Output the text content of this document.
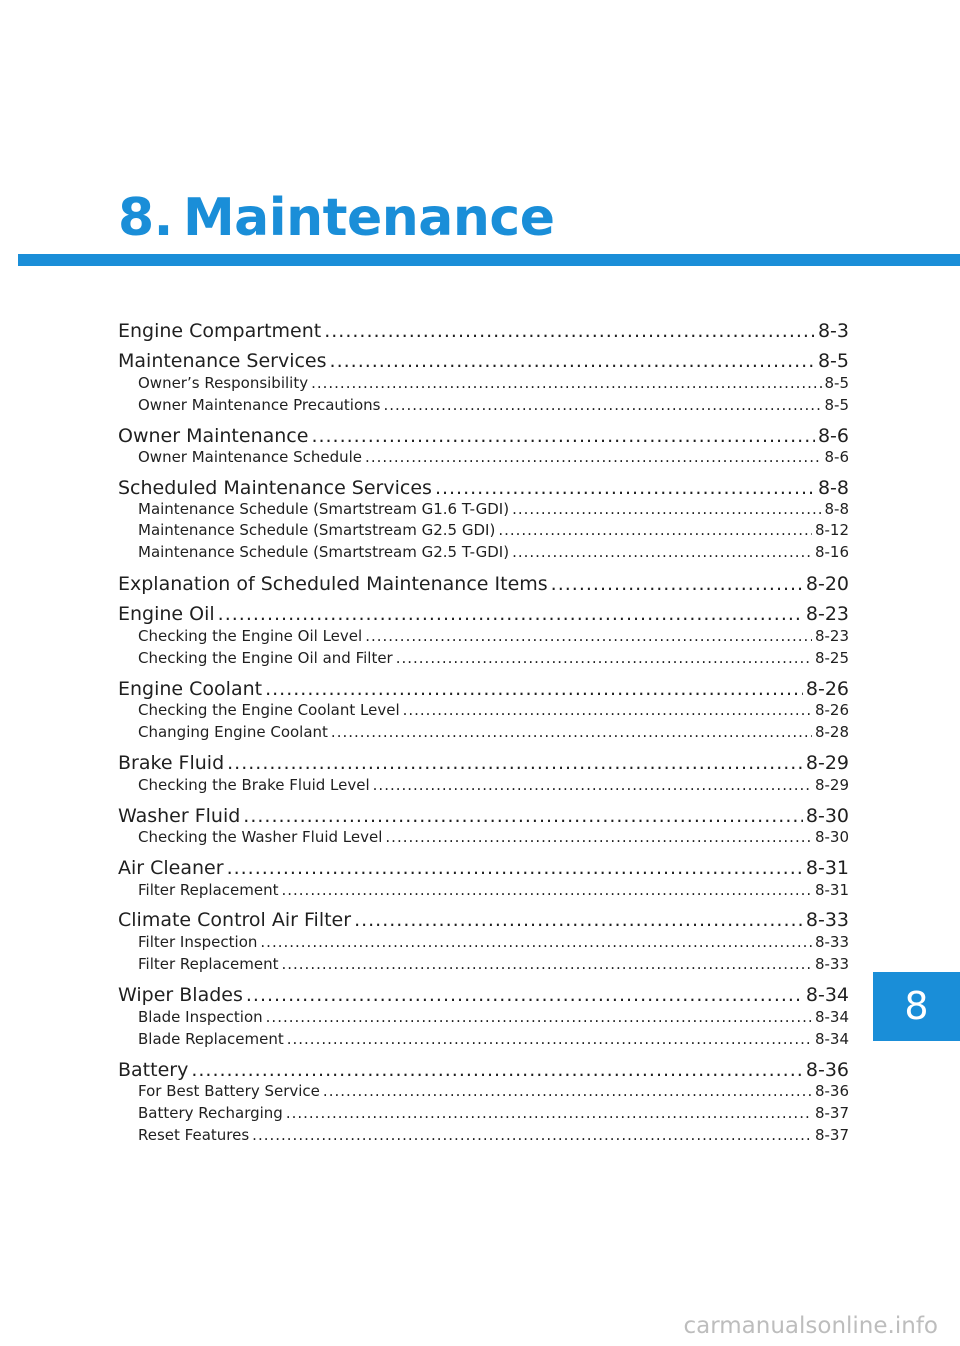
8. Maintenance
Engine Compartment .....	8-3
Maintenance Services .....	8-5
Owner’s Responsibility .....	8-5
Owner Maintenance Precautions .....	8-5
Owner Maintenance .....	8-6
Owner Maintenance Schedule .....	8-6
Scheduled Maintenance Services .....	8-8
Maintenance Schedule (Smartstream G1.6 T-GDI) .....	8-8
Maintenance Schedule (Smartstream G2.5 GDI) .....	8-12
Maintenance Schedule (Smartstream G2.5 T-GDI) .....	8-16
Explanation of Scheduled Maintenance Items .....	8-20
Engine Oil .....	8-23
Checking the Engine Oil Level .....	8-23
Checking the Engine Oil and Filter .....	8-25
Engine Coolant .....	8-26
Checking the Engine Coolant Level .....	8-26
Changing Engine Coolant .....	8-28
Brake Fluid .....	8-29
Checking the Brake Fluid Level .....	8-29
Washer Fluid .....	8-30
Checking the Washer Fluid Level .....	8-30
Air Cleaner .....	8-31
Filter Replacement .....	8-31
Climate Control Air Filter .....	8-33
Filter Inspection .....	8-33
Filter Replacement .....	8-33
Wiper Blades .....	8-34
Blade Inspection .....	8-34
Blade Replacement .....	8-34
Battery .....	8-36
For Best Battery Service .....	8-36
Battery Recharging .....	8-37
Reset Features .....	8-37
8
carmanualsonline.info
